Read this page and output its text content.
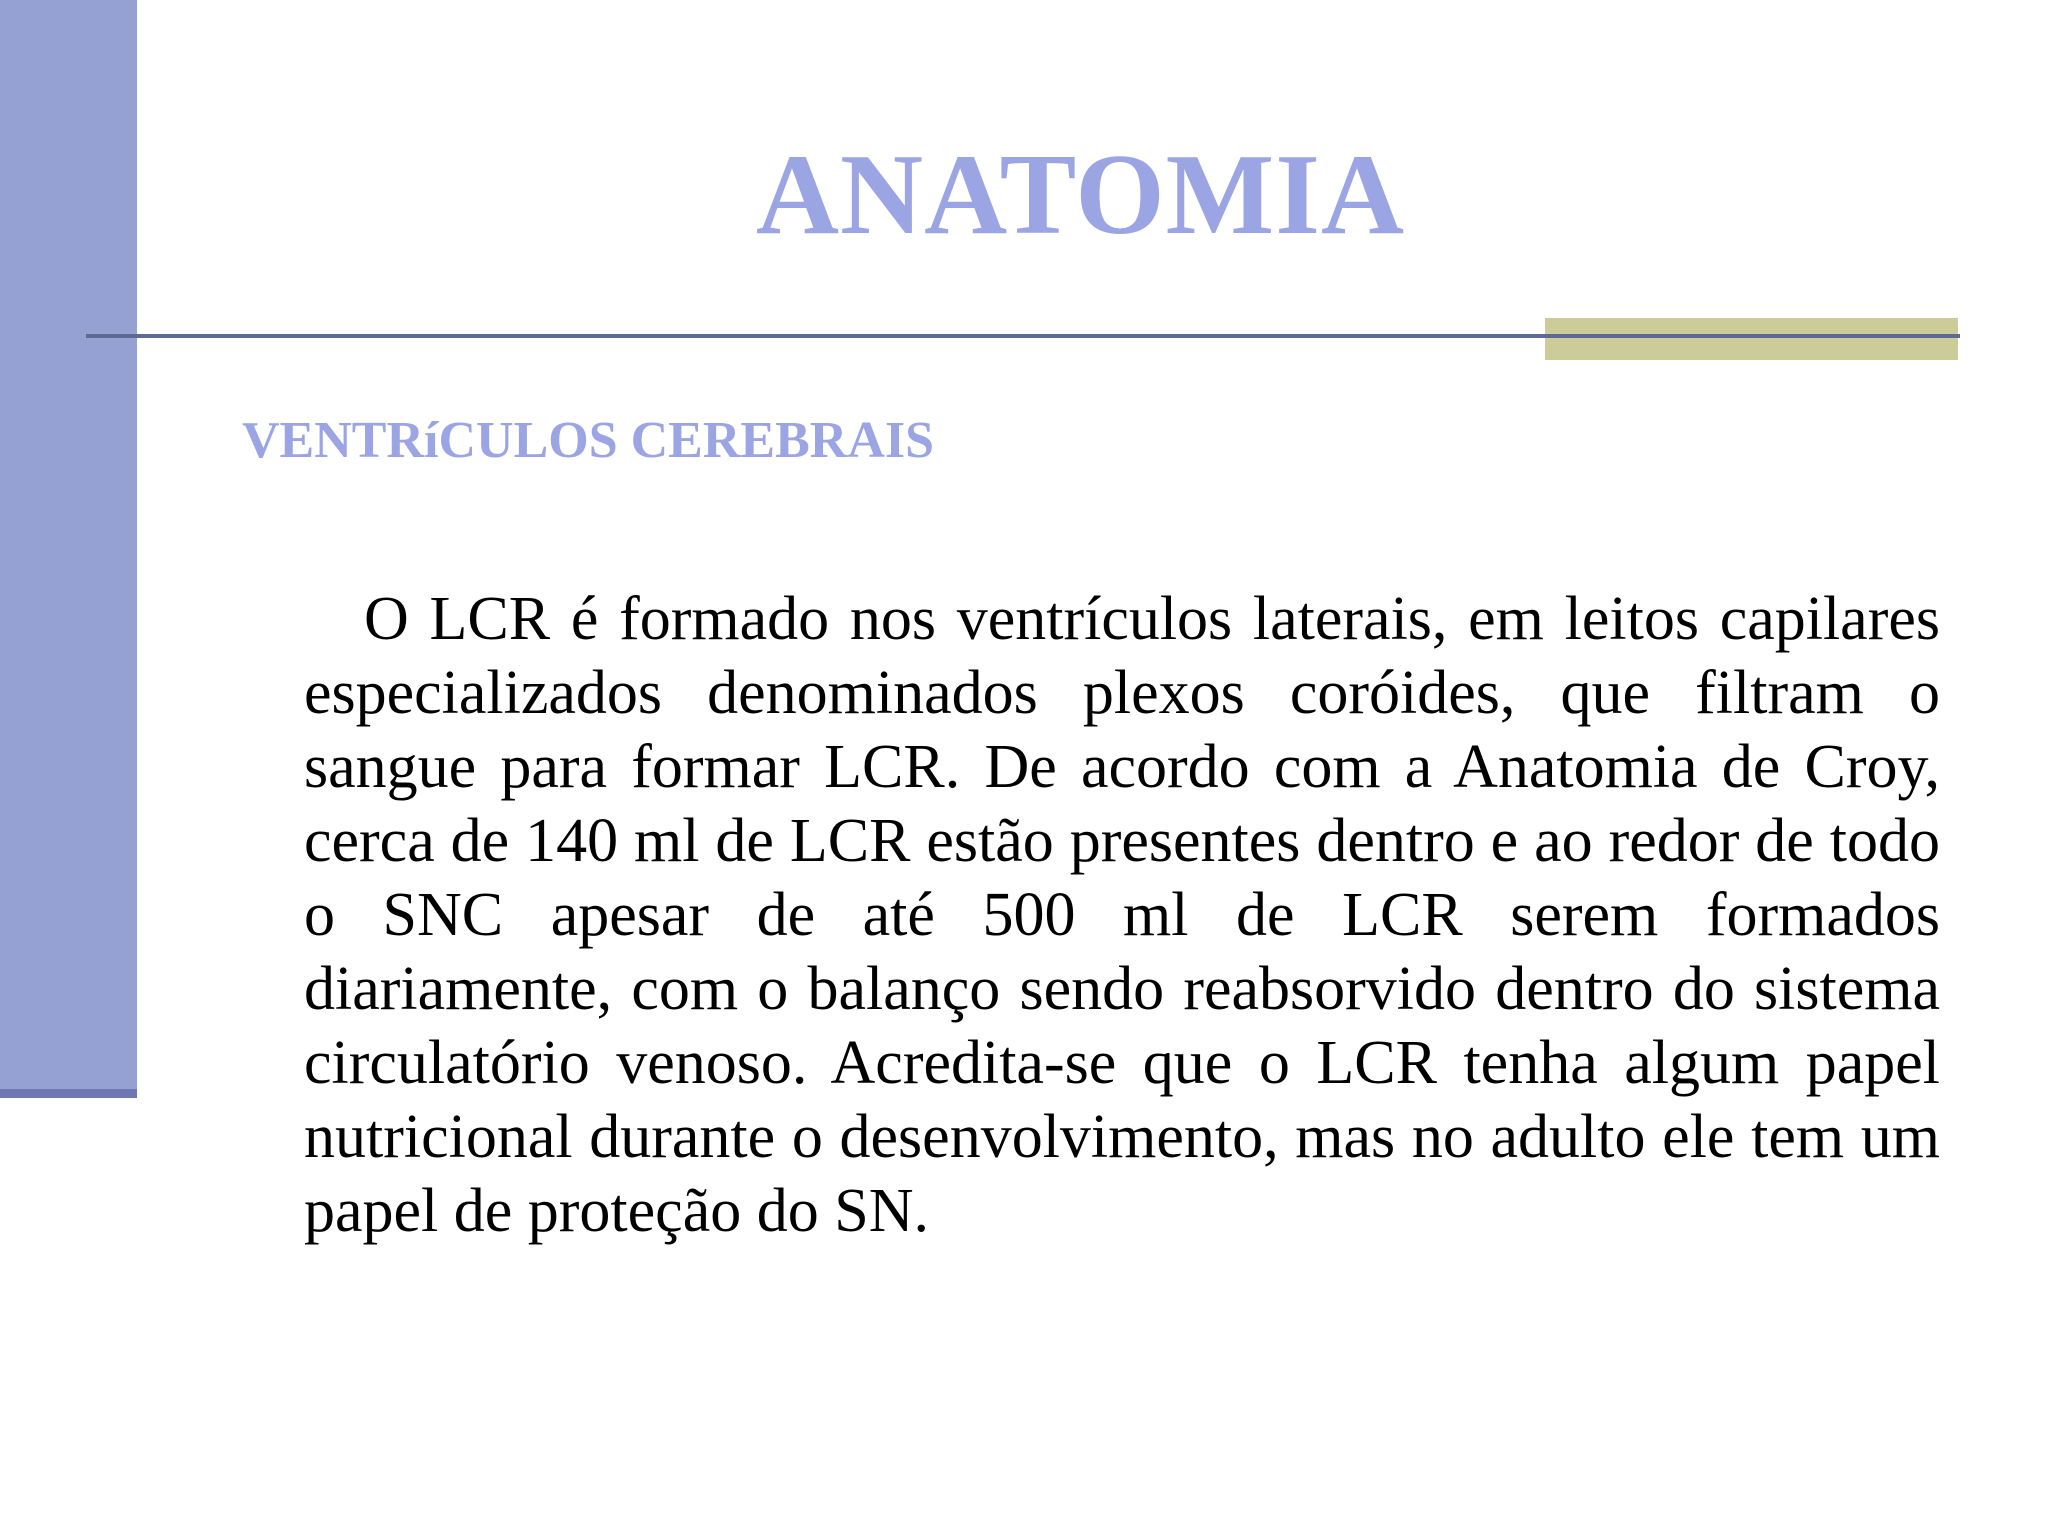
ANATOMIA
VENTRíCULOS CEREBRAIS

O LCR é formado nos ventrículos laterais, em leitos capilares especializados denominados plexos coróides, que filtram o sangue para formar LCR. De acordo com a Anatomia de Croy, cerca de 140 ml de LCR estão presentes dentro e ao redor de todo o SNC apesar de até 500 ml de LCR serem formados diariamente, com o balanço sendo reabsorvido dentro do sistema circulatório venoso. Acredita-se que o LCR tenha algum papel nutricional durante o desenvolvimento, mas no adulto ele tem um papel de proteção do SN.
